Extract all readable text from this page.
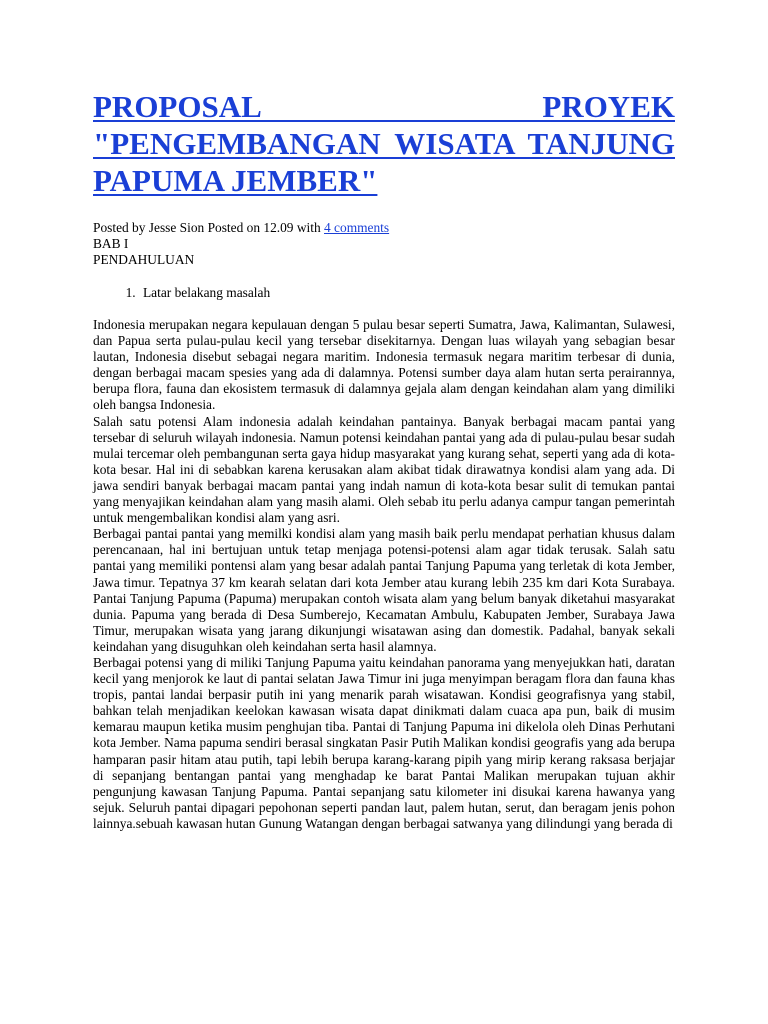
PROPOSAL PROYEK
"PENGEMBANGAN WISATA TANJUNG
PAPUMA JEMBER"
Posted by Jesse Sion Posted on 12.09 with 4 comments
BAB I
PENDAHULUAN
1. Latar belakang masalah

Indonesia merupakan negara kepulauan dengan 5 pulau besar seperti Sumatra, Jawa, Kalimantan, Sulawesi, dan Papua serta pulau-pulau kecil yang tersebar disekitarnya. Dengan luas wilayah yang sebagian besar lautan, Indonesia disebut sebagai negara maritim. Indonesia termasuk negara maritim terbesar di dunia, dengan berbagai macam spesies yang ada di dalamnya. Potensi sumber daya alam hutan serta perairannya, berupa flora, fauna dan ekosistem termasuk di dalamnya gejala alam dengan keindahan alam yang dimiliki oleh bangsa Indonesia.

Salah satu potensi Alam indonesia adalah keindahan pantainya. Banyak berbagai macam pantai yang tersebar di seluruh wilayah indonesia. Namun potensi keindahan pantai yang ada di pulau-pulau besar sudah mulai tercemar oleh pembangunan serta gaya hidup masyarakat yang kurang sehat, seperti yang ada di kota-kota besar. Hal ini di sebabkan karena kerusakan alam akibat tidak dirawatnya kondisi alam yang ada. Di jawa sendiri banyak berbagai macam pantai yang indah namun di kota-kota besar sulit di temukan pantai yang menyajikan keindahan alam yang masih alami. Oleh sebab itu perlu adanya campur tangan pemerintah untuk mengembalikan kondisi alam yang asri.

Berbagai pantai pantai yang memilki kondisi alam yang masih baik perlu mendapat perhatian khusus dalam perencanaan, hal ini bertujuan untuk tetap menjaga potensi-potensi alam agar tidak terusak. Salah satu pantai yang memiliki pontensi alam yang besar adalah pantai Tanjung Papuma yang terletak di kota Jember, Jawa timur. Tepatnya 37 km kearah selatan dari kota Jember atau kurang lebih 235 km dari Kota Surabaya. Pantai Tanjung Papuma (Papuma) merupakan contoh wisata alam yang belum banyak diketahui masyarakat dunia. Papuma yang berada di Desa Sumberejo, Kecamatan Ambulu, Kabupaten Jember, Surabaya Jawa Timur, merupakan wisata yang jarang dikunjungi wisatawan asing dan domestik. Padahal, banyak sekali keindahan yang disuguhkan oleh keindahan serta hasil alamnya.

Berbagai potensi yang di miliki Tanjung Papuma yaitu keindahan panorama yang menyejukkan hati, daratan kecil yang menjorok ke laut di pantai selatan Jawa Timur ini juga menyimpan beragam flora dan fauna khas tropis, pantai landai berpasir putih ini yang menarik parah wisatawan. Kondisi geografisnya yang stabil, bahkan telah menjadikan keelokan kawasan wisata dapat dinikmati dalam cuaca apa pun, baik di musim kemarau maupun ketika musim penghujan tiba. Pantai di Tanjung Papuma ini dikelola oleh Dinas Perhutani kota Jember. Nama papuma sendiri berasal singkatan Pasir Putih Malikan kondisi geografis yang ada berupa hamparan pasir hitam atau putih, tapi lebih berupa karang-karang pipih yang mirip kerang raksasa berjajar di sepanjang bentangan pantai yang menghadap ke barat Pantai Malikan merupakan tujuan akhir pengunjung kawasan Tanjung Papuma. Pantai sepanjang satu kilometer ini disukai karena hawanya yang sejuk. Seluruh pantai dipagari pepohonan seperti pandan laut, palem hutan, serut, dan beragam jenis pohon lainnya.sebuah kawasan hutan Gunung Watangan dengan berbagai satwanya yang dilindungi yang berada di
